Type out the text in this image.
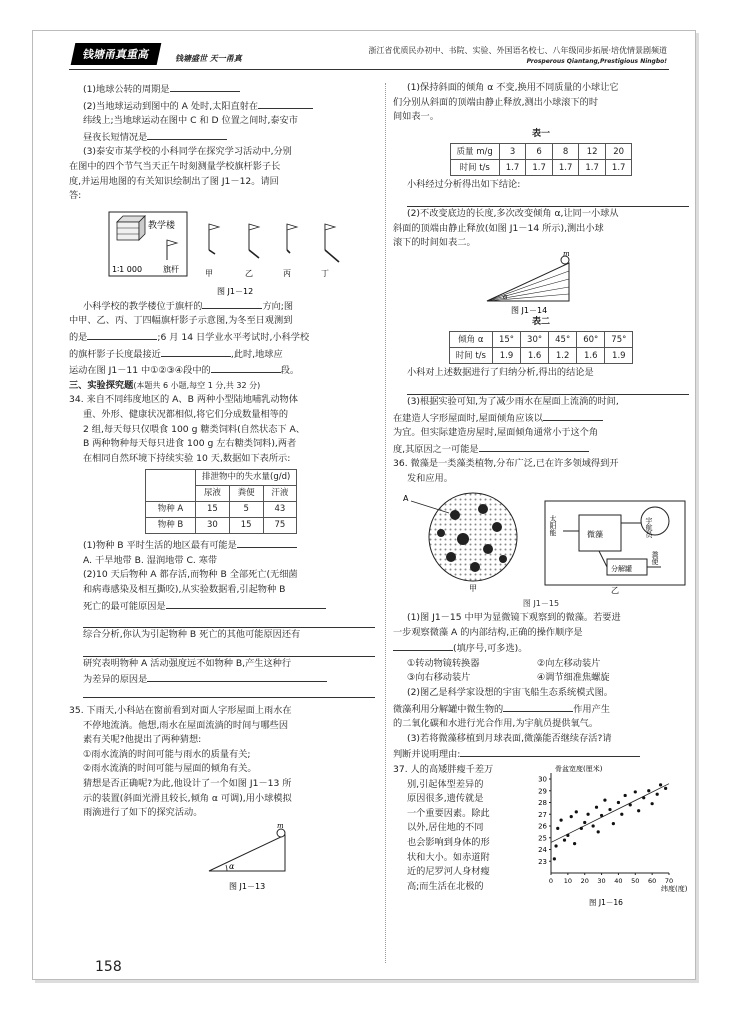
钱塘甬真重高	钱塘盛世 天一甬真
浙江省优质民办初中、书院、实验、外国语名校七、八年级同步拓展·培优情景剧频道
Prosperous Qiantang,Prestigious Ningbo!

(1)地球公转的周期是

(2)当地球运动到图中的 A 处时,太阳直射在

纬线上;当地球运动在图中 C 和 D 位置之间时,泰安市

昼夜长短情况是

(3)泰安市某学校的小科同学在探究学习活动中,分别

在图中的四个节气当天正午时刻测量学校旗杆影子长

度,并运用地图的有关知识绘制出了图 J1－12。请回

答:

教学楼
旗杆
1∶1 000	甲	乙	丙	丁
图 J1－12

小科学校的教学楼位于旗杆的	方向;图

中甲、乙、丙、丁四幅旗杆影子示意图,为冬至日观测到

的是	;6 月 14 日学业水平考试时,小科学校

的旗杆影子长度最接近	,此时,地球应

运动在图 J1－11 中①②③④段中的	段。

三、实验探究题(本题共 6 小题,每空 1 分,共 32 分)

34. 来自不同纬度地区的 A、B 两种小型陆地哺乳动物体

重、外形、健康状况都相似,将它们分成数量相等的

2 组,每天每只仅喂食 100 g 糖类饲料(自然状态下 A、

B 两种物种每天每只进食 100 g 左右糖类饲料),两者

在相同自然环境下持续实验 10 天,数据如下表所示:

	排泄物中的失水量(g/d)		
	尿液	粪便	汗液
物种 A	15	5	43
物种 B	30	15	75

(1)物种 B 平时生活的地区最有可能是

A. 干旱地带 B. 湿润地带 C. 寒带

(2)10 天后物种 A 都存活,而物种 B 全部死亡(无细菌

和病毒感染及相互撕咬),从实验数据看,引起物种 B

死亡的最可能原因是

综合分析,你认为引起物种 B 死亡的其他可能原因还有

研究表明物种 A 活动强度远不如物种 B,产生这种行

为差异的原因是

35. 下雨天,小科站在窗前看到对面人字形屋面上雨水在

不停地流淌。他想,雨水在屋面流淌的时间与哪些因

素有关呢?他提出了两种猜想:

①雨水流淌的时间可能与雨水的质量有关;

②雨水流淌的时间可能与屋面的倾角有关。

猜想是否正确呢?为此,他设计了一个如图 J1－13 所

示的装置(斜面光滑且较长,倾角 α 可调),用小球模拟

雨滴进行了如下的探究活动。

α
m
图 J1－13

(1)保持斜面的倾角 α 不变,换用不同质量的小球让它

们分别从斜面的顶端由静止释放,测出小球滚下的时

间如表一。

表一

质量 m/g	3	6	8	12	20
时间 t/s	1.7	1.7	1.7	1.7	1.7

小科经过分析得出如下结论:

(2)不改变底边的长度,多次改变倾角 α,让同一小球从

斜面的顶端由静止释放(如图 J1－14 所示),测出小球

滚下的时间如表二。

α
m
图 J1－14

表二

倾角 α	15°	30°	45°	60°	75°
时间 t/s	1.9	1.6	1.2	1.6	1.9

小科对上述数据进行了归纳分析,得出的结论是

(3)根据实验可知,为了减少雨水在屋面上流淌的时间,

在建造人字形屋面时,屋面倾角应该以

为宜。但实际建造房屋时,屋面倾角通常小于这个角

度,其原因之一可能是

36. 微藻是一类藻类植物,分布广泛,已在许多领域得到开

发和应用。

A
甲
太阳能	微藻	宇航员
分解罐
粪便
乙

图 J1－15

(1)图 J1－15 中甲为显微镜下观察到的微藻。若要进

一步观察微藻 A 的内部结构,正确的操作顺序是

(填序号,可多选)。

①转动物镜转换器	②向左移动装片

③向右移动装片	④调节细准焦螺旋

(2)图乙是科学家设想的宇宙飞船生态系统模式图。

微藻利用分解罐中微生物的	作用产生

的二氧化碳和水进行光合作用,为宇航员提供氧气。

(3)若将微藻移植到月球表面,微藻能否继续存活?请

判断并说明理由:

37. 人的高矮胖瘦千差万

别,引起体型差异的

原因很多,遗传就是

一个重要因素。除此

以外,居住地的不同

也会影响到身体的形

状和大小。如赤道附

近的尼罗河人身材瘦

高;而生活在北极的

骨盆宽度(厘米)
纬度(度)
23
24
25
26
27
28
29
30
0 10 20 30 40 50 60 70
图 J1－16
158
